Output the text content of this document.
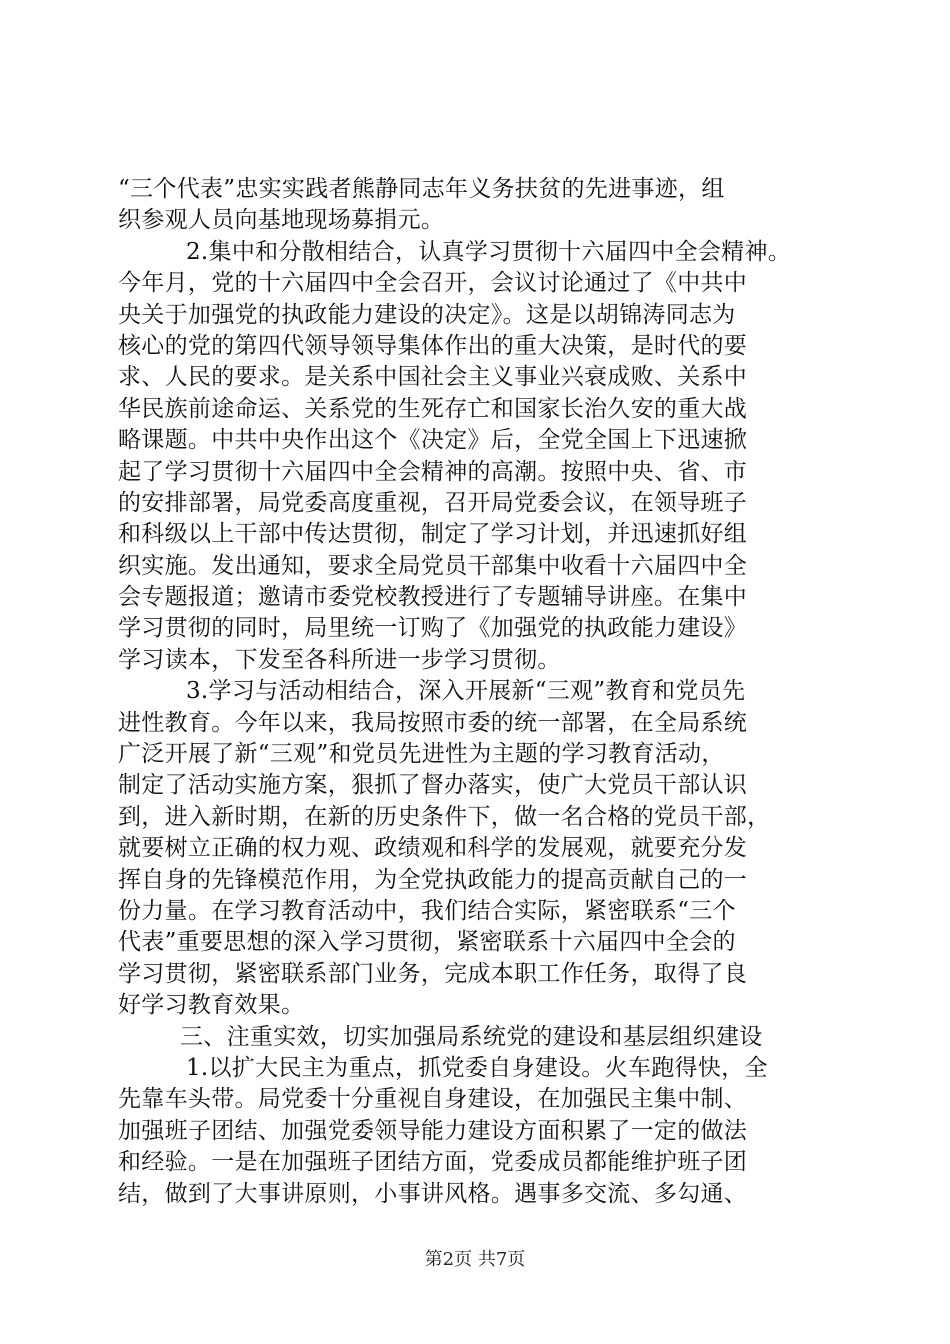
“三个代表”忠实实践者熊静同志年义务扶贫的先进事迹，组
织参观人员向基地现场募捐元。
2.集中和分散相结合，认真学习贯彻十六届四中全会精神。
今年月，党的十六届四中全会召开，会议讨论通过了《中共中
央关于加强党的执政能力建设的决定》。这是以胡锦涛同志为
核心的党的第四代领导领导集体作出的重大决策，是时代的要
求、人民的要求。是关系中国社会主义事业兴衰成败、关系中
华民族前途命运、关系党的生死存亡和国家长治久安的重大战
略课题。中共中央作出这个《决定》后，全党全国上下迅速掀
起了学习贯彻十六届四中全会精神的高潮。按照中央、省、市
的安排部署，局党委高度重视，召开局党委会议，在领导班子
和科级以上干部中传达贯彻，制定了学习计划，并迅速抓好组
织实施。发出通知，要求全局党员干部集中收看十六届四中全
会专题报道；邀请市委党校教授进行了专题辅导讲座。在集中
学习贯彻的同时，局里统一订购了《加强党的执政能力建设》
学习读本，下发至各科所进一步学习贯彻。
3.学习与活动相结合，深入开展新“三观”教育和党员先
进性教育。今年以来，我局按照市委的统一部署，在全局系统
广泛开展了新“三观”和党员先进性为主题的学习教育活动，
制定了活动实施方案，狠抓了督办落实，使广大党员干部认识
到，进入新时期，在新的历史条件下，做一名合格的党员干部，
就要树立正确的权力观、政绩观和科学的发展观，就要充分发
挥自身的先锋模范作用，为全党执政能力的提高贡献自己的一
份力量。在学习教育活动中，我们结合实际，紧密联系“三个
代表”重要思想的深入学习贯彻，紧密联系十六届四中全会的
学习贯彻，紧密联系部门业务，完成本职工作任务，取得了良
好学习教育效果。
三、注重实效，切实加强局系统党的建设和基层组织建设
1.以扩大民主为重点，抓党委自身建设。火车跑得快，全
先靠车头带。局党委十分重视自身建设，在加强民主集中制、
加强班子团结、加强党委领导能力建设方面积累了一定的做法
和经验。一是在加强班子团结方面，党委成员都能维护班子团
结，做到了大事讲原则，小事讲风格。遇事多交流、多勾通、
第2页 共7页
